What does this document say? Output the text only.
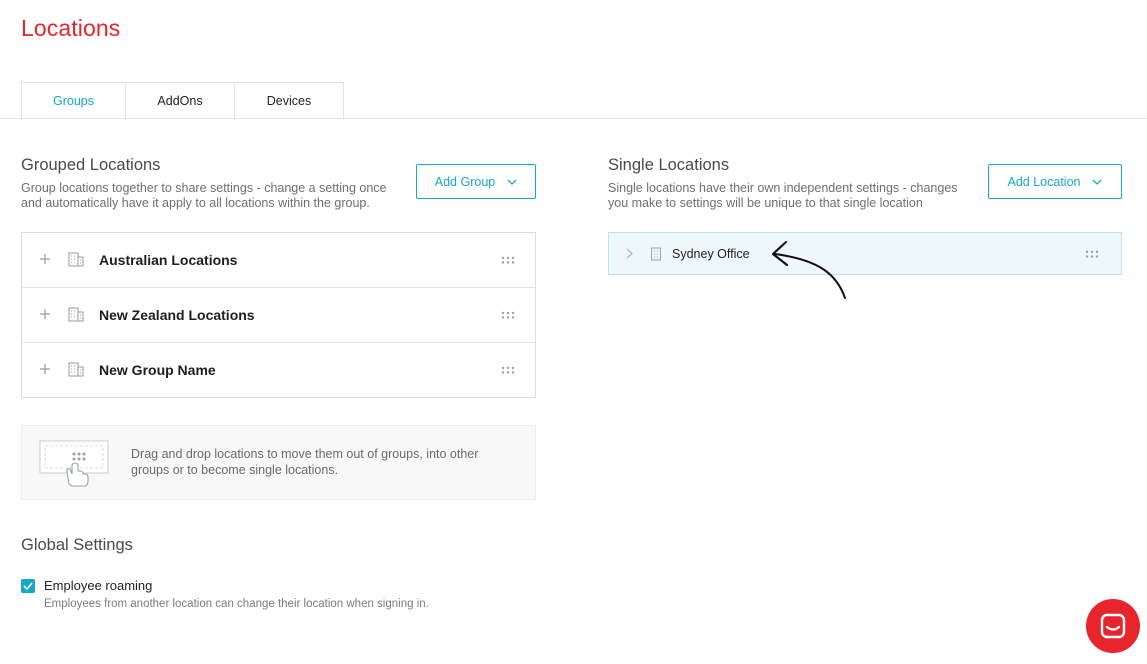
Locations
Groups	AddOns	Devices
Grouped Locations
Group locations together to share settings - change a setting once
and automatically have it apply to all locations within the group.
Add Group
Australian Locations
New Zealand Locations
New Group Name
Drag and drop locations to move them out of groups, into other
groups or to become single locations.
Single Locations
Single locations have their own independent settings - changes
you make to settings will be unique to that single location
Add Location
Sydney Office
Global Settings
Employee roaming
Employees from another location can change their location when signing in.
